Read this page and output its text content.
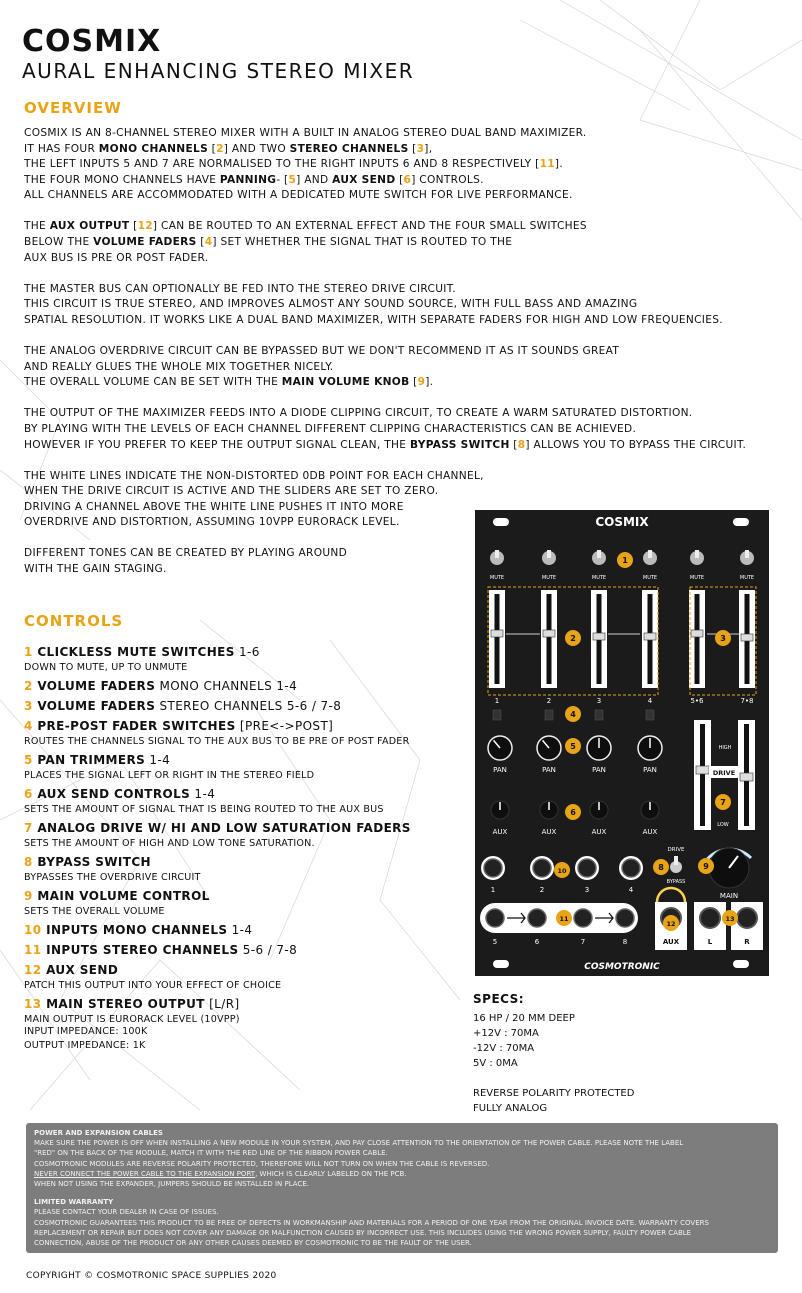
COSMIX
AURAL ENHANCING STEREO MIXER
OVERVIEW

COSMIX IS AN 8-CHANNEL STEREO MIXER WITH A BUILT IN ANALOG STEREO DUAL BAND MAXIMIZER.
IT HAS FOUR MONO CHANNELS [2] AND TWO STEREO CHANNELS [3],
THE LEFT INPUTS 5 AND 7 ARE NORMALISED TO THE RIGHT INPUTS 6 AND 8 RESPECTIVELY [11].
THE FOUR MONO CHANNELS HAVE PANNING- [5] AND AUX SEND [6] CONTROLS.
ALL CHANNELS ARE ACCOMMODATED WITH A DEDICATED MUTE SWITCH FOR LIVE PERFORMANCE.

THE AUX OUTPUT [12] CAN BE ROUTED TO AN EXTERNAL EFFECT AND THE FOUR SMALL SWITCHES
BELOW THE VOLUME FADERS [4] SET WHETHER THE SIGNAL THAT IS ROUTED TO THE
AUX BUS IS PRE OR POST FADER.

THE MASTER BUS CAN OPTIONALLY BE FED INTO THE STEREO DRIVE CIRCUIT.
THIS CIRCUIT IS TRUE STEREO, AND IMPROVES ALMOST ANY SOUND SOURCE, WITH FULL BASS AND AMAZING
SPATIAL RESOLUTION. IT WORKS LIKE A DUAL BAND MAXIMIZER, WITH SEPARATE FADERS FOR HIGH AND LOW FREQUENCIES.

THE ANALOG OVERDRIVE CIRCUIT CAN BE BYPASSED BUT WE DON'T RECOMMEND IT AS IT SOUNDS GREAT
AND REALLY GLUES THE WHOLE MIX TOGETHER NICELY.
THE OVERALL VOLUME CAN BE SET WITH THE MAIN VOLUME KNOB [9].

THE OUTPUT OF THE MAXIMIZER FEEDS INTO A DIODE CLIPPING CIRCUIT, TO CREATE A WARM SATURATED DISTORTION.
BY PLAYING WITH THE LEVELS OF EACH CHANNEL DIFFERENT CLIPPING CHARACTERISTICS CAN BE ACHIEVED.
HOWEVER IF YOU PREFER TO KEEP THE OUTPUT SIGNAL CLEAN, THE BYPASS SWITCH [8] ALLOWS YOU TO BYPASS THE CIRCUIT.

THE WHITE LINES INDICATE THE NON-DISTORTED 0DB POINT FOR EACH CHANNEL,
WHEN THE DRIVE CIRCUIT IS ACTIVE AND THE SLIDERS ARE SET TO ZERO.
DRIVING A CHANNEL ABOVE THE WHITE LINE PUSHES IT INTO MORE
OVERDRIVE AND DISTORTION, ASSUMING 10VPP EURORACK LEVEL.

DIFFERENT TONES CAN BE CREATED BY PLAYING AROUND
WITH THE GAIN STAGING.

CONTROLS
1 CLICKLESS MUTE SWITCHES 1-6
DOWN TO MUTE, UP TO UNMUTE
2 VOLUME FADERS MONO CHANNELS 1-4
3 VOLUME FADERS STEREO CHANNELS 5-6 / 7-8
4 PRE-POST FADER SWITCHES [PRE<->POST]
ROUTES THE CHANNELS SIGNAL TO THE AUX BUS TO BE PRE OF POST FADER
5 PAN TRIMMERS 1-4
PLACES THE SIGNAL LEFT OR RIGHT IN THE STEREO FIELD
6 AUX SEND CONTROLS 1-4
SETS THE AMOUNT OF SIGNAL THAT IS BEING ROUTED TO THE AUX BUS
7 ANALOG DRIVE W/ HI AND LOW SATURATION FADERS
SETS THE AMOUNT OF HIGH AND LOW TONE SATURATION.
8 BYPASS SWITCH
BYPASSES THE OVERDRIVE CIRCUIT
9 MAIN VOLUME CONTROL
SETS THE OVERALL VOLUME
10 INPUTS MONO CHANNELS 1-4
11 INPUTS STEREO CHANNELS 5-6 / 7-8
12 AUX SEND
PATCH THIS OUTPUT INTO YOUR EFFECT OF CHOICE
13 MAIN STEREO OUTPUT [L/R]
MAIN OUTPUT IS EURORACK LEVEL (10VPP)
INPUT IMPEDANCE: 100K
OUTPUT IMPEDANCE: 1K
SPECS:
16 HP / 20 MM DEEP
+12V : 70MA
-12V : 70MA
5V : 0MA
REVERSE POLARITY PROTECTED
FULLY ANALOG
COSMIX
MUTE	MUTE	MUTE	MUTE	MUTE	MUTE
1	2	3	4	5•6	7•8
PAN
AUX
PAN
AUX
PAN
AUX
PAN
AUX
HIGH
DRIVE
LOW
DRIVE
BYPASS
MAIN
1	2	3	4
5	6	7	8	AUX	L	R
COSMOTRONIC
1
2	3
4
5
6
7
8	9
10
11
12
13
POWER AND EXPANSION CABLES
MAKE SURE THE POWER IS OFF WHEN INSTALLING A NEW MODULE IN YOUR SYSTEM, AND PAY CLOSE ATTENTION TO THE ORIENTATION OF THE POWER CABLE. PLEASE NOTE THE LABEL
"RED" ON THE BACK OF THE MODULE, MATCH IT WITH THE RED LINE OF THE RIBBON POWER CABLE.
COSMOTRONIC MODULES ARE REVERSE POLARITY PROTECTED, THEREFORE WILL NOT TURN ON WHEN THE CABLE IS REVERSED.
NEVER CONNECT THE POWER CABLE TO THE EXPANSION PORT, WHICH IS CLEARLY LABELED ON THE PCB.
WHEN NOT USING THE EXPANDER, JUMPERS SHOULD BE INSTALLED IN PLACE.
LIMITED WARRANTY
PLEASE CONTACT YOUR DEALER IN CASE OF ISSUES.
COSMOTRONIC GUARANTEES THIS PRODUCT TO BE FREE OF DEFECTS IN WORKMANSHIP AND MATERIALS FOR A PERIOD OF ONE YEAR FROM THE ORIGINAL INVOICE DATE. WARRANTY COVERS
REPLACEMENT OR REPAIR BUT DOES NOT COVER ANY DAMAGE OR MALFUNCTION CAUSED BY INCORRECT USE. THIS INCLUDES USING THE WRONG POWER SUPPLY, FAULTY POWER CABLE
CONNECTION, ABUSE OF THE PRODUCT OR ANY OTHER CAUSES DEEMED BY COSMOTRONIC TO BE THE FAULT OF THE USER.
COPYRIGHT © COSMOTRONIC SPACE SUPPLIES 2020
